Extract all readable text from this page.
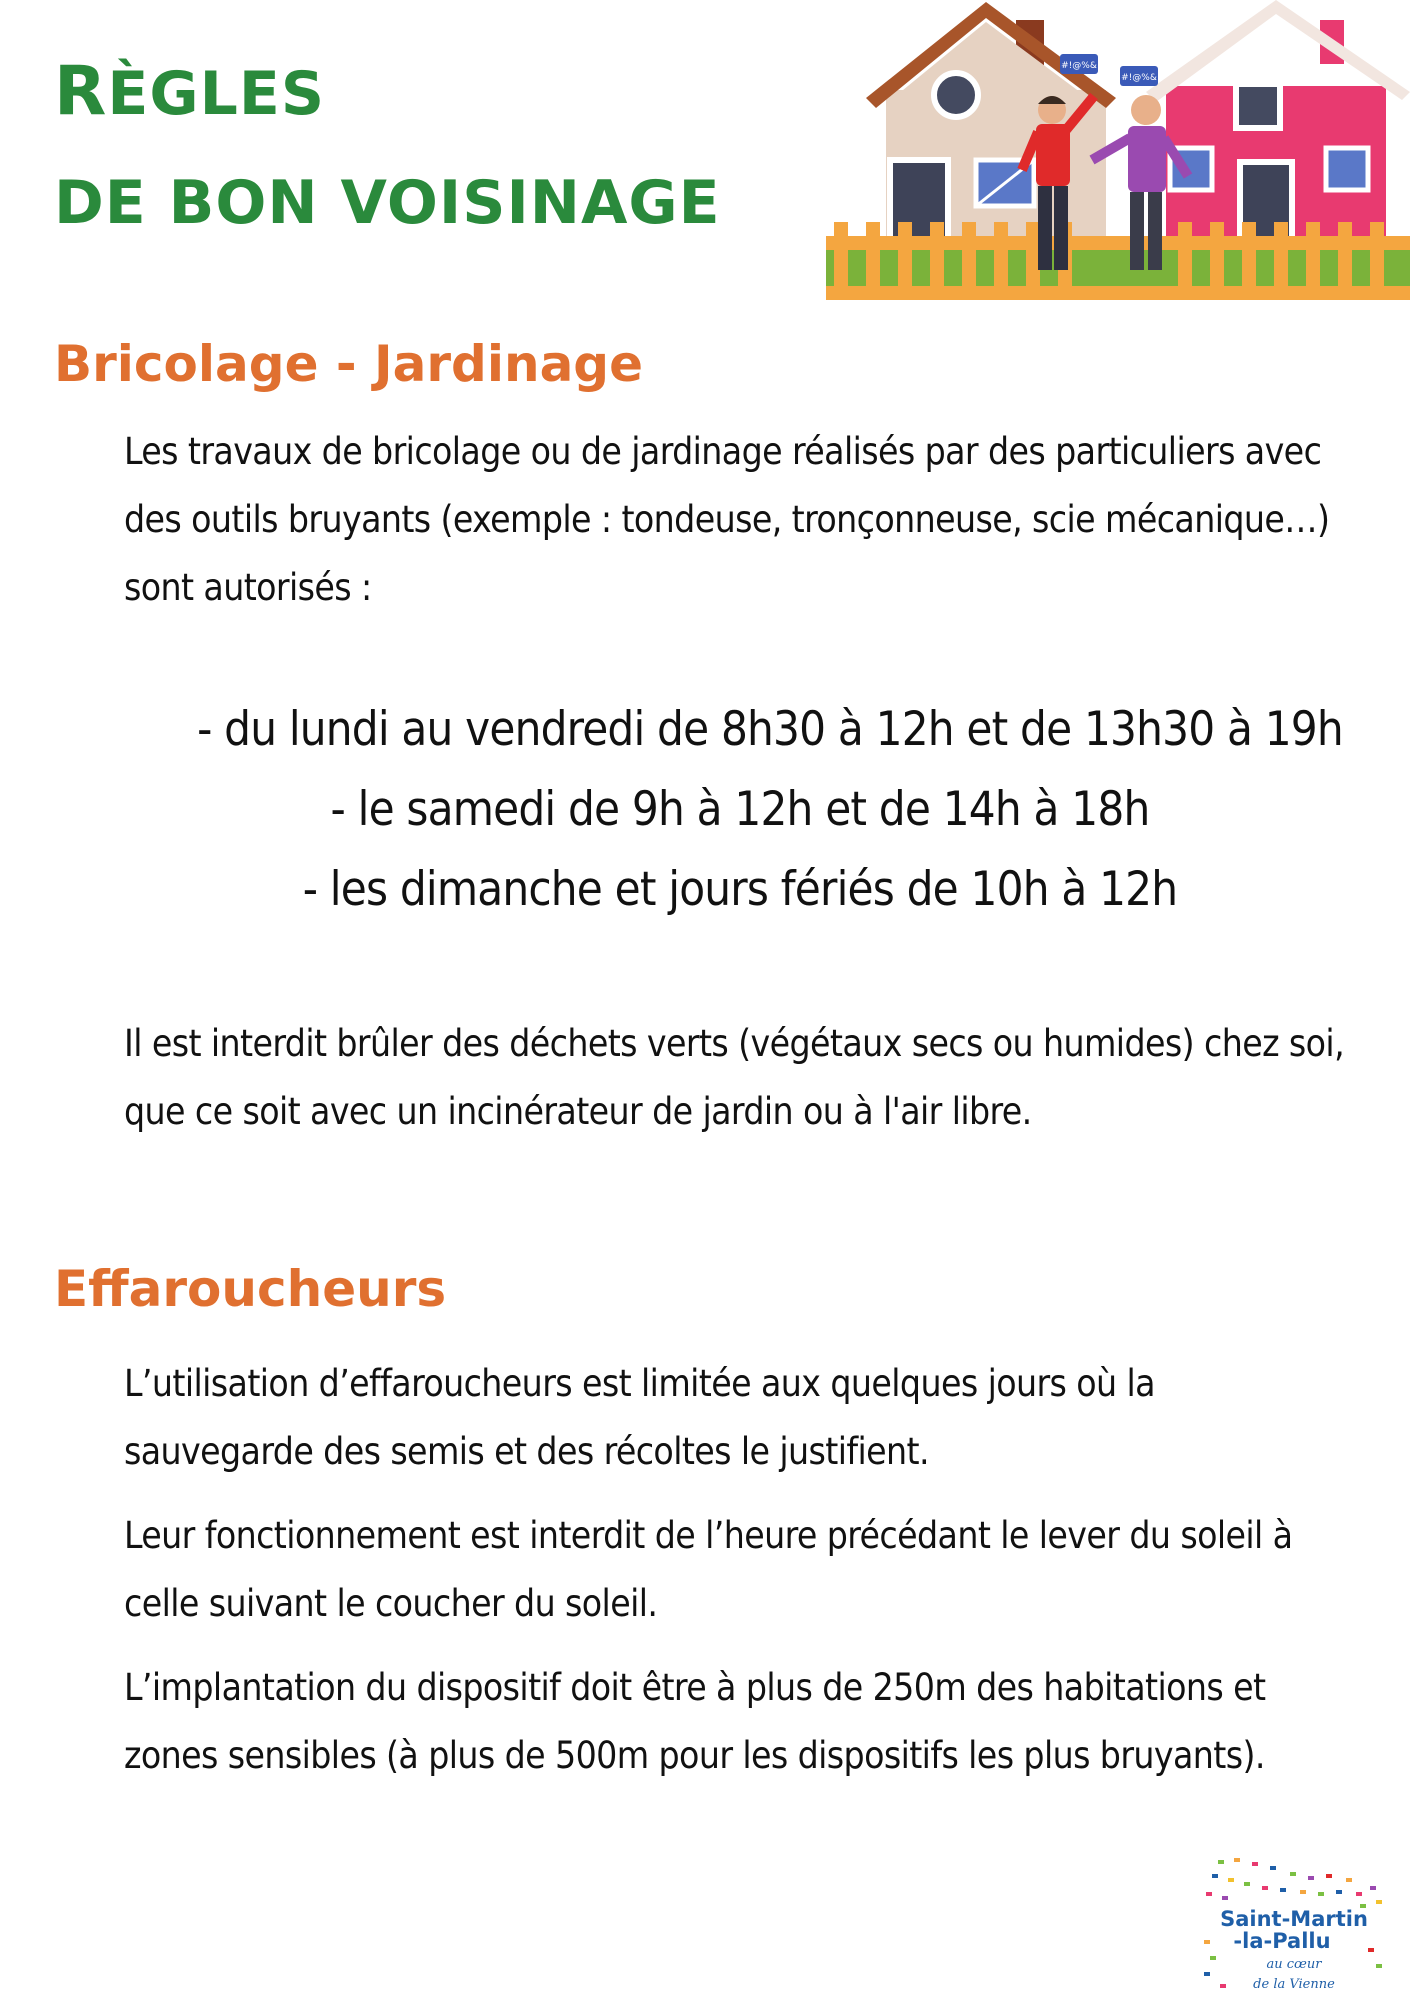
RÈGLES
DE BON VOISINAGE
#!@%&
#!@%&
Bricolage - Jardinage

Les travaux de bricolage ou de jardinage réalisés par des particuliers avec des outils bruyants (exemple : tondeuse, tronçonneuse, scie mécanique…) sont autorisés :

- du lundi au vendredi de 8h30 à 12h et de 13h30 à 19h
- le samedi de 9h à 12h et de 14h à 18h
- les dimanche et jours fériés de 10h à 12h

Il est interdit brûler des déchets verts (végétaux secs ou humides) chez soi, que ce soit avec un incinérateur de jardin ou à l'air libre.

Effaroucheurs

L’utilisation d’effaroucheurs est limitée aux quelques jours où la sauvegarde des semis et des récoltes le justifient.

Leur fonctionnement est interdit de l’heure précédant le lever du soleil à celle suivant le coucher du soleil.

L’implantation du dispositif doit être à plus de 250m des habitations et zones sensibles (à plus de 500m pour les dispositifs les plus bruyants).

Saint-Martin
-la-Pallu
au cœur
de la Vienne
